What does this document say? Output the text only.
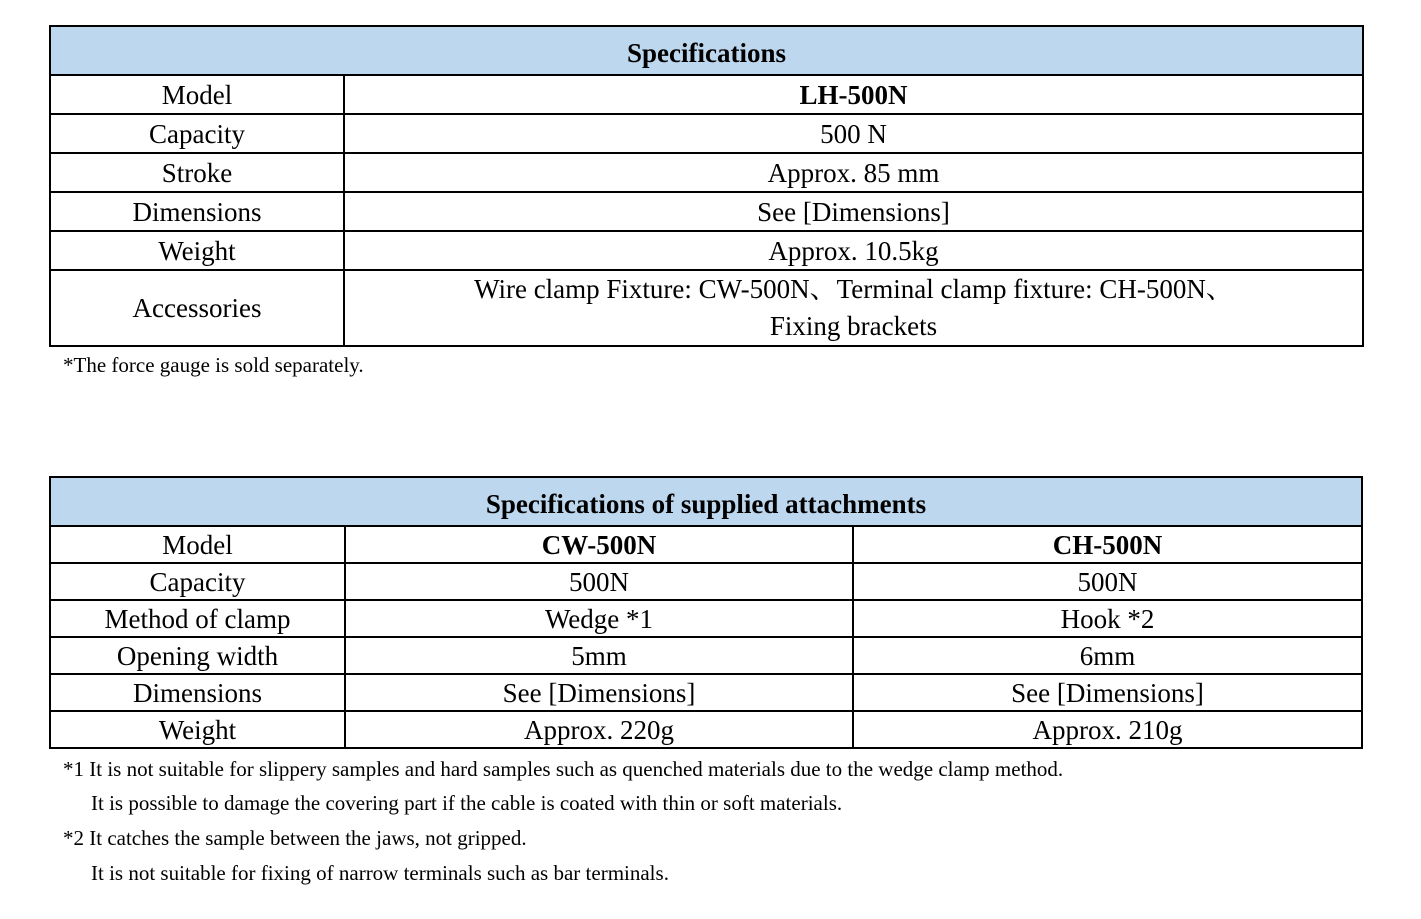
Specifications	
Model	LH-500N
Capacity	500 N
Stroke	Approx. 85 mm
Dimensions	See [Dimensions]
Weight	Approx. 10.5kg
Accessories	Wire clamp Fixture: CW-500N、Terminal clamp fixture: CH-500N、
Fixing brackets
*The force gauge is sold separately.
Specifications of supplied attachments		
Model	CW-500N	CH-500N
Capacity	500N	500N
Method of clamp	Wedge *1	Hook *2
Opening width	5mm	6mm
Dimensions	See [Dimensions]	See [Dimensions]
Weight	Approx. 220g	Approx. 210g
*1 It is not suitable for slippery samples and hard samples such as quenched materials due to the wedge clamp method.
It is possible to damage the covering part if the cable is coated with thin or soft materials.
*2 It catches the sample between the jaws, not gripped.
It is not suitable for fixing of narrow terminals such as bar terminals.
